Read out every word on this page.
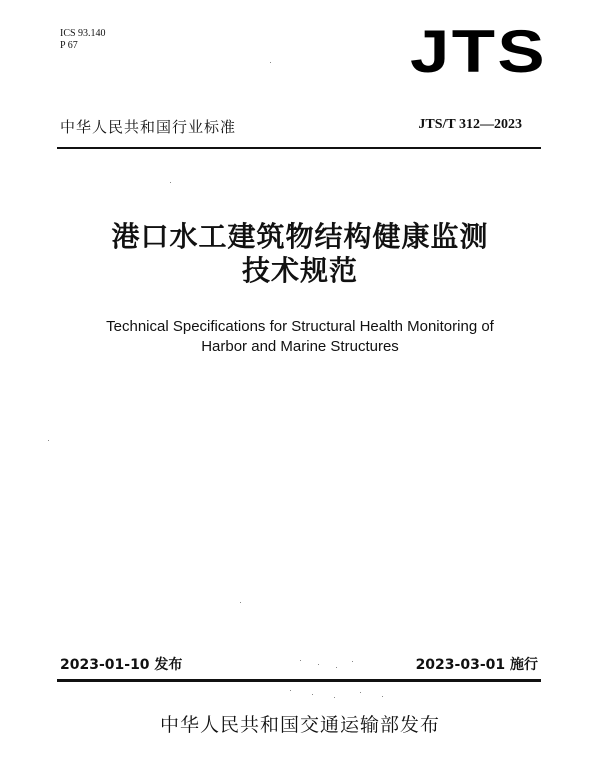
ICS 93.140
P 67	JTS
中华人民共和国行业标准	JTS/T 312—2023
港口水工建筑物结构健康监测
技术规范
Technical Specifications for Structural Health Monitoring of
Harbor and Marine Structures
2023-01-10 发布	2023-03-01 施行
中华人民共和国交通运输部发布
